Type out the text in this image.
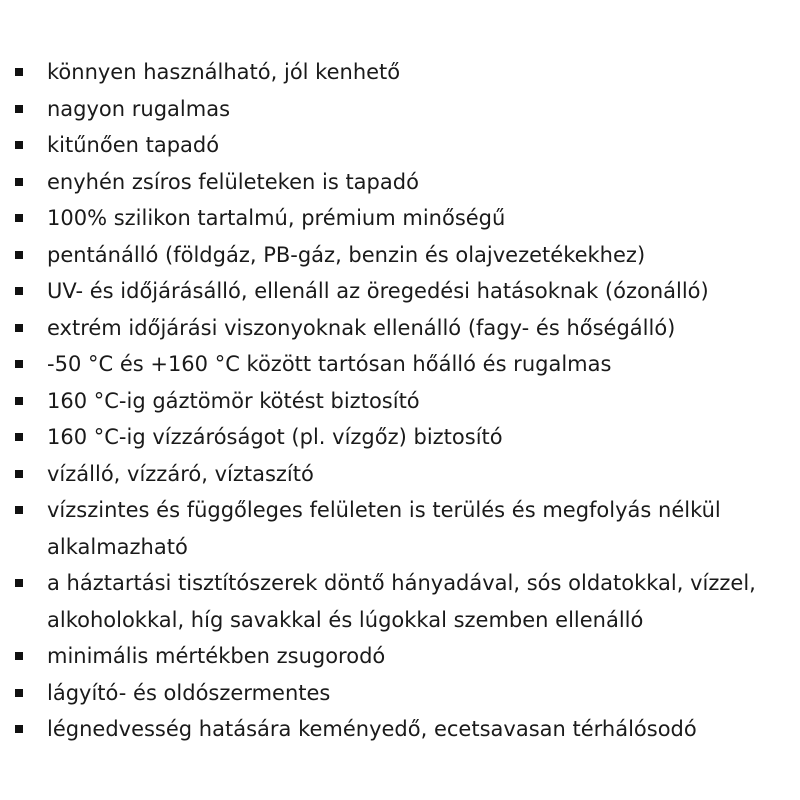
könnyen használható, jól kenhető
nagyon rugalmas
kitűnően tapadó
enyhén zsíros felületeken is tapadó
100% szilikon tartalmú, prémium minőségű
pentánálló (földgáz, PB-gáz, benzin és olajvezetékekhez)
UV- és időjárásálló, ellenáll az öregedési hatásoknak (ózonálló)
extrém időjárási viszonyoknak ellenálló (fagy- és hőségálló)
-50 °C és +160 °C között tartósan hőálló és rugalmas
160 °C-ig gáztömör kötést biztosító
160 °C-ig vízzáróságot (pl. vízgőz) biztosító
vízálló, vízzáró, víztaszító
vízszintes és függőleges felületen is terülés és megfolyás nélkül alkalmazható
a háztartási tisztítószerek döntő hányadával, sós oldatokkal, vízzel, alkoholokkal, híg savakkal és lúgokkal szemben ellenálló
minimális mértékben zsugorodó
lágyító- és oldószermentes
légnedvesség hatására keményedő, ecetsavasan térhálósodó
